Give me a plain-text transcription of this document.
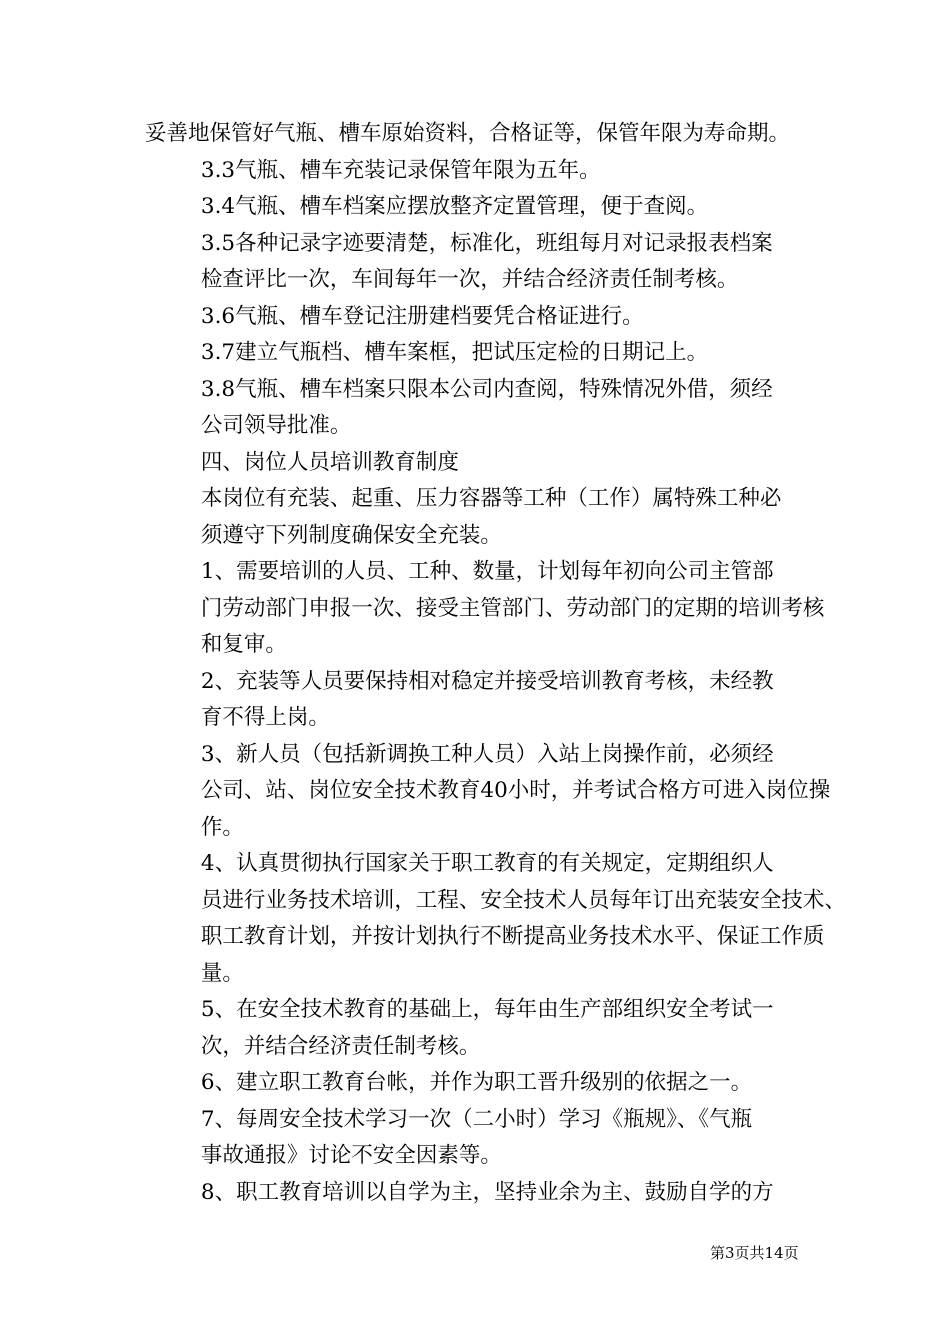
妥善地保管好气瓶、槽车原始资料，合格证等，保管年限为寿命期。

3.3气瓶、槽车充装记录保管年限为五年。

3.4气瓶、槽车档案应摆放整齐定置管理，便于查阅。

3.5各种记录字迹要清楚，标准化，班组每月对记录报表档案
检查评比一次，车间每年一次，并结合经济责任制考核。

3.6气瓶、槽车登记注册建档要凭合格证进行。

3.7建立气瓶档、槽车案框，把试压定检的日期记上。

3.8气瓶、槽车档案只限本公司内查阅，特殊情况外借，须经
公司领导批准。

四、岗位人员培训教育制度

本岗位有充装、起重、压力容器等工种（工作）属特殊工种必
须遵守下列制度确保安全充装。

1、需要培训的人员、工种、数量，计划每年初向公司主管部
门劳动部门申报一次、接受主管部门、劳动部门的定期的培训考核
和复审。

2、充装等人员要保持相对稳定并接受培训教育考核，未经教
育不得上岗。

3、新人员（包括新调换工种人员）入站上岗操作前，必须经
公司、站、岗位安全技术教育40小时，并考试合格方可进入岗位操
作。

4、认真贯彻执行国家关于职工教育的有关规定，定期组织人
员进行业务技术培训，工程、安全技术人员每年订出充装安全技术、
职工教育计划，并按计划执行不断提高业务技术水平、保证工作质
量。

5、在安全技术教育的基础上，每年由生产部组织安全考试一
次，并结合经济责任制考核。

6、建立职工教育台帐，并作为职工晋升级别的依据之一。

7、每周安全技术学习一次（二小时）学习《瓶规》、《气瓶
事故通报》讨论不安全因素等。

8、职工教育培训以自学为主，坚持业余为主、鼓励自学的方

第3页共14页
